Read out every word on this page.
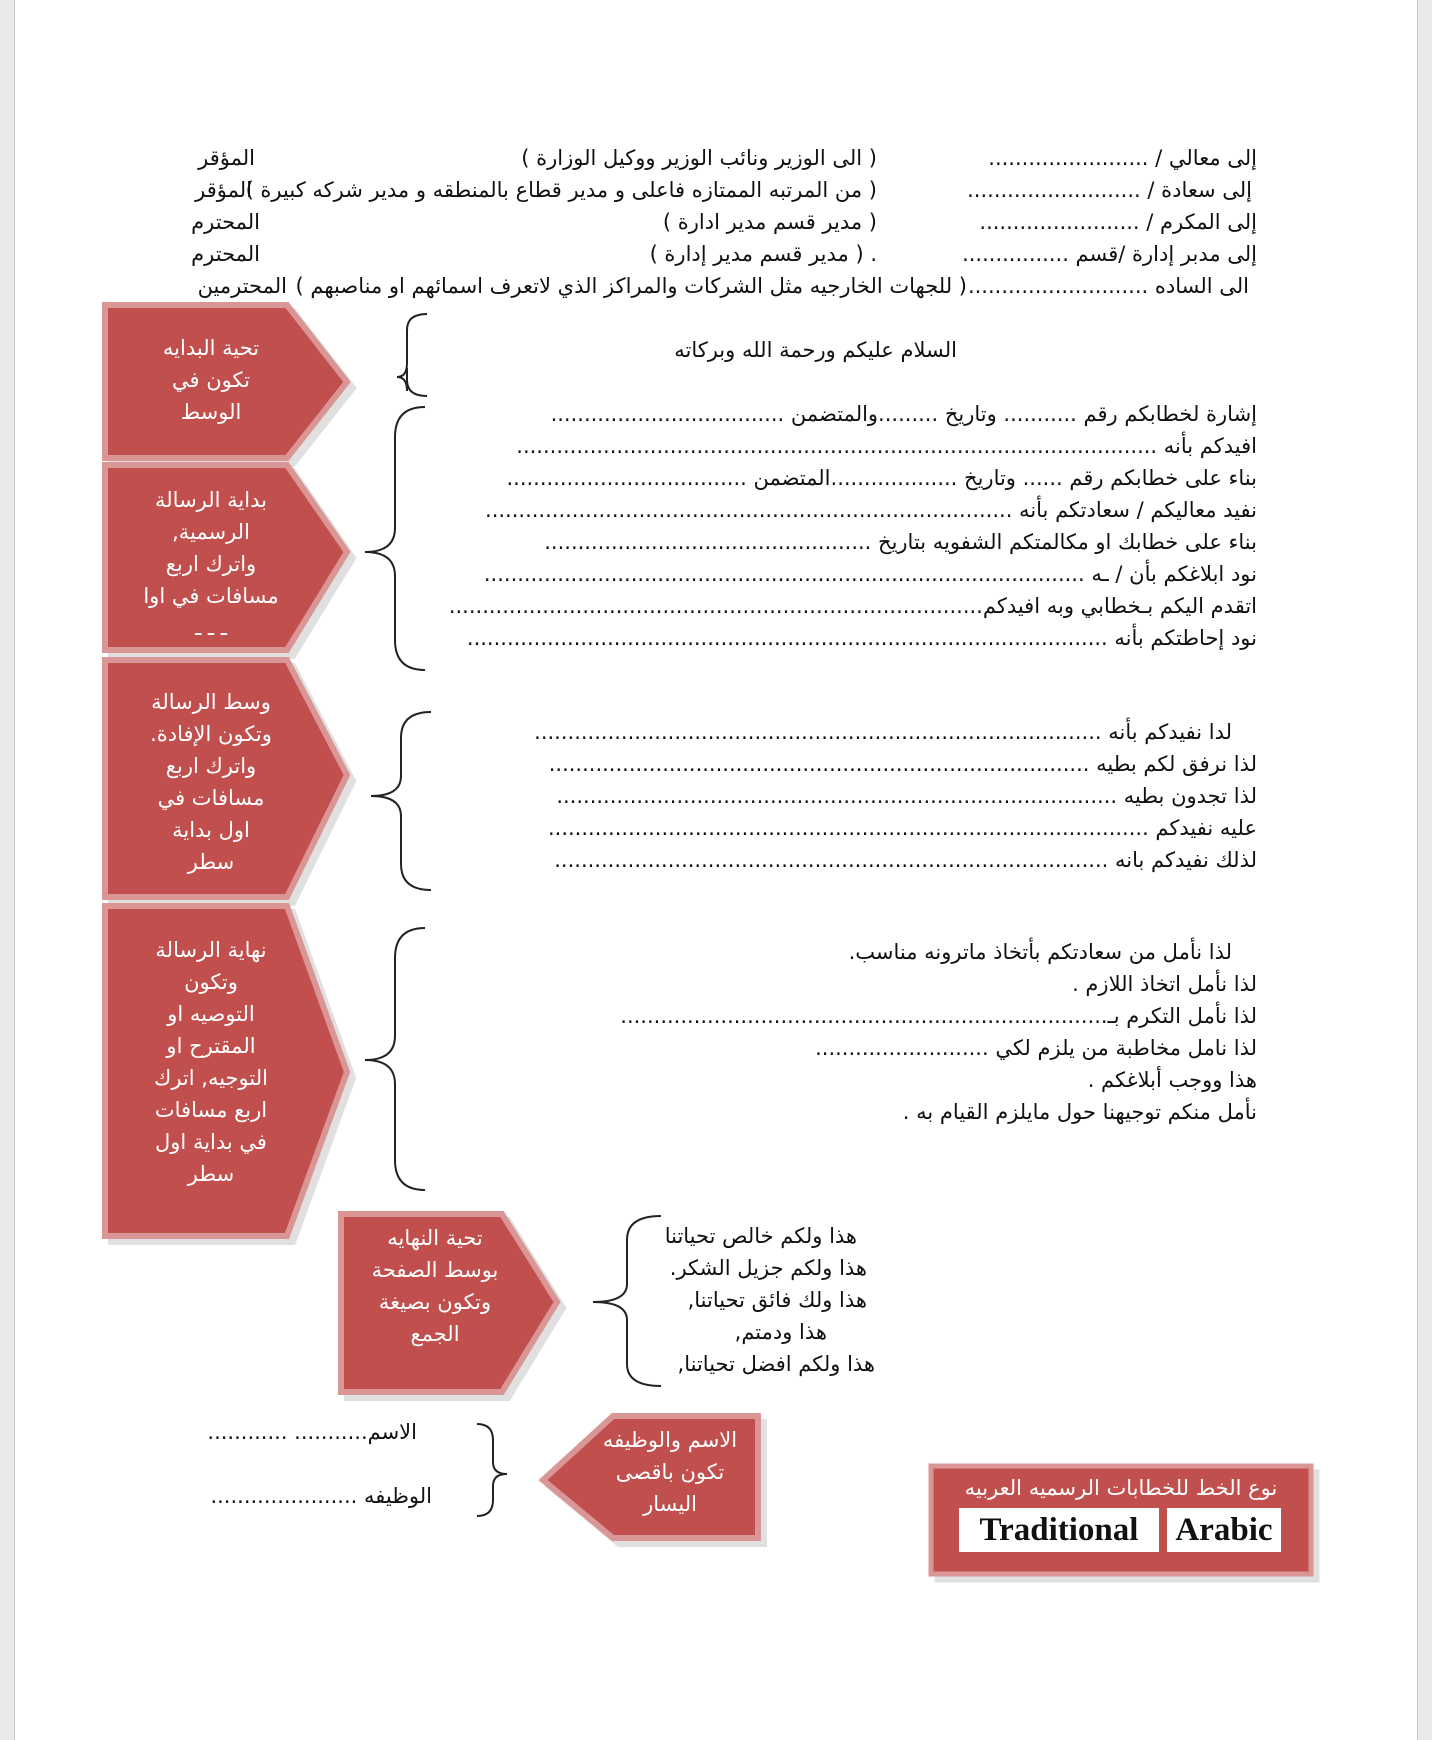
إلى معالي / ........................
( الى الوزير ونائب الوزير ووكيل الوزارة )
المؤقر
إلى سعادة / ..........................
( من المرتبه الممتازه فاعلى و مدير قطاع بالمنطقه و مدير شركه كبيرة )
المؤقر
إلى المكرم / ........................
( مدير قسم مدير ادارة )
المحترم
إلى مدبر إدارة /قسم ................
. ( مدير قسم مدير إدارة )
المحترم
الى الساده ...........................
( للجهات الخارجيه مثل الشركات والمراكز الذي لاتعرف اسمائهم او مناصبهم )
المحترمين
السلام عليكم ورحمة الله وبركاته
إشارة لخطابكم رقم ........... وتاريخ .........والمتضمن ...................................
افيدكم بأنه ................................................................................................
بناء على خطابكم رقم ...... وتاريخ ...................المتضمن ....................................
نفيد معاليكم / سعادتكم بأنه ...............................................................................
بناء على خطابك او مكالمتكم الشفويه بتاريخ .................................................
نود ابلاغكم بأن / ـه ..........................................................................................
اتقدم اليكم بـخطابي وبه افيدكم................................................................................
نود إحاطتكم بأنه ................................................................................................
لدا نفيدكم بأنه .....................................................................................
لذا نرفق لكم بطيه .................................................................................
لذا تجدون بطيه ....................................................................................
عليه نفيدكم ..........................................................................................
لذلك نفيدكم بانه ...................................................................................
لذا نأمل من سعادتكم بأتخاذ ماترونه مناسب.
لذا نأمل اتخاذ اللازم .
لذا نأمل التكرم بـ.........................................................................
لذا نامل مخاطبة من يلزم لكي ..........................
هذا ووجب أبلاغكم .
نأمل منكم توجيهنا حول مايلزم القيام به .
هذا ولكم خالص تحياتنا
هذا ولكم جزيل الشكر.
هذا ولك فائق تحياتنا,
هذا ودمتم,
هذا ولكم افضل تحياتنا,
الاسم........... ............
الوظيفه ......................
تحية البدايه
تكون في
الوسط
بداية الرسالة
الرسمية,
واترك اربع
مسافات في اوا
ـ ـ ـ
وسط الرسالة
وتكون الإفادة.
واترك اربع
مسافات في
اول بداية
سطر
نهاية الرسالة
وتكون
التوصيه او
المقترح او
التوجيه, اترك
اربع مسافات
في بداية اول
سطر
تحية النهايه
بوسط الصفحة
وتكون بصيغة
الجمع
الاسم والوظيفه
تكون باقصى
اليسار
نوع الخط للخطابات الرسميه العربيه
Traditional	Arabic
